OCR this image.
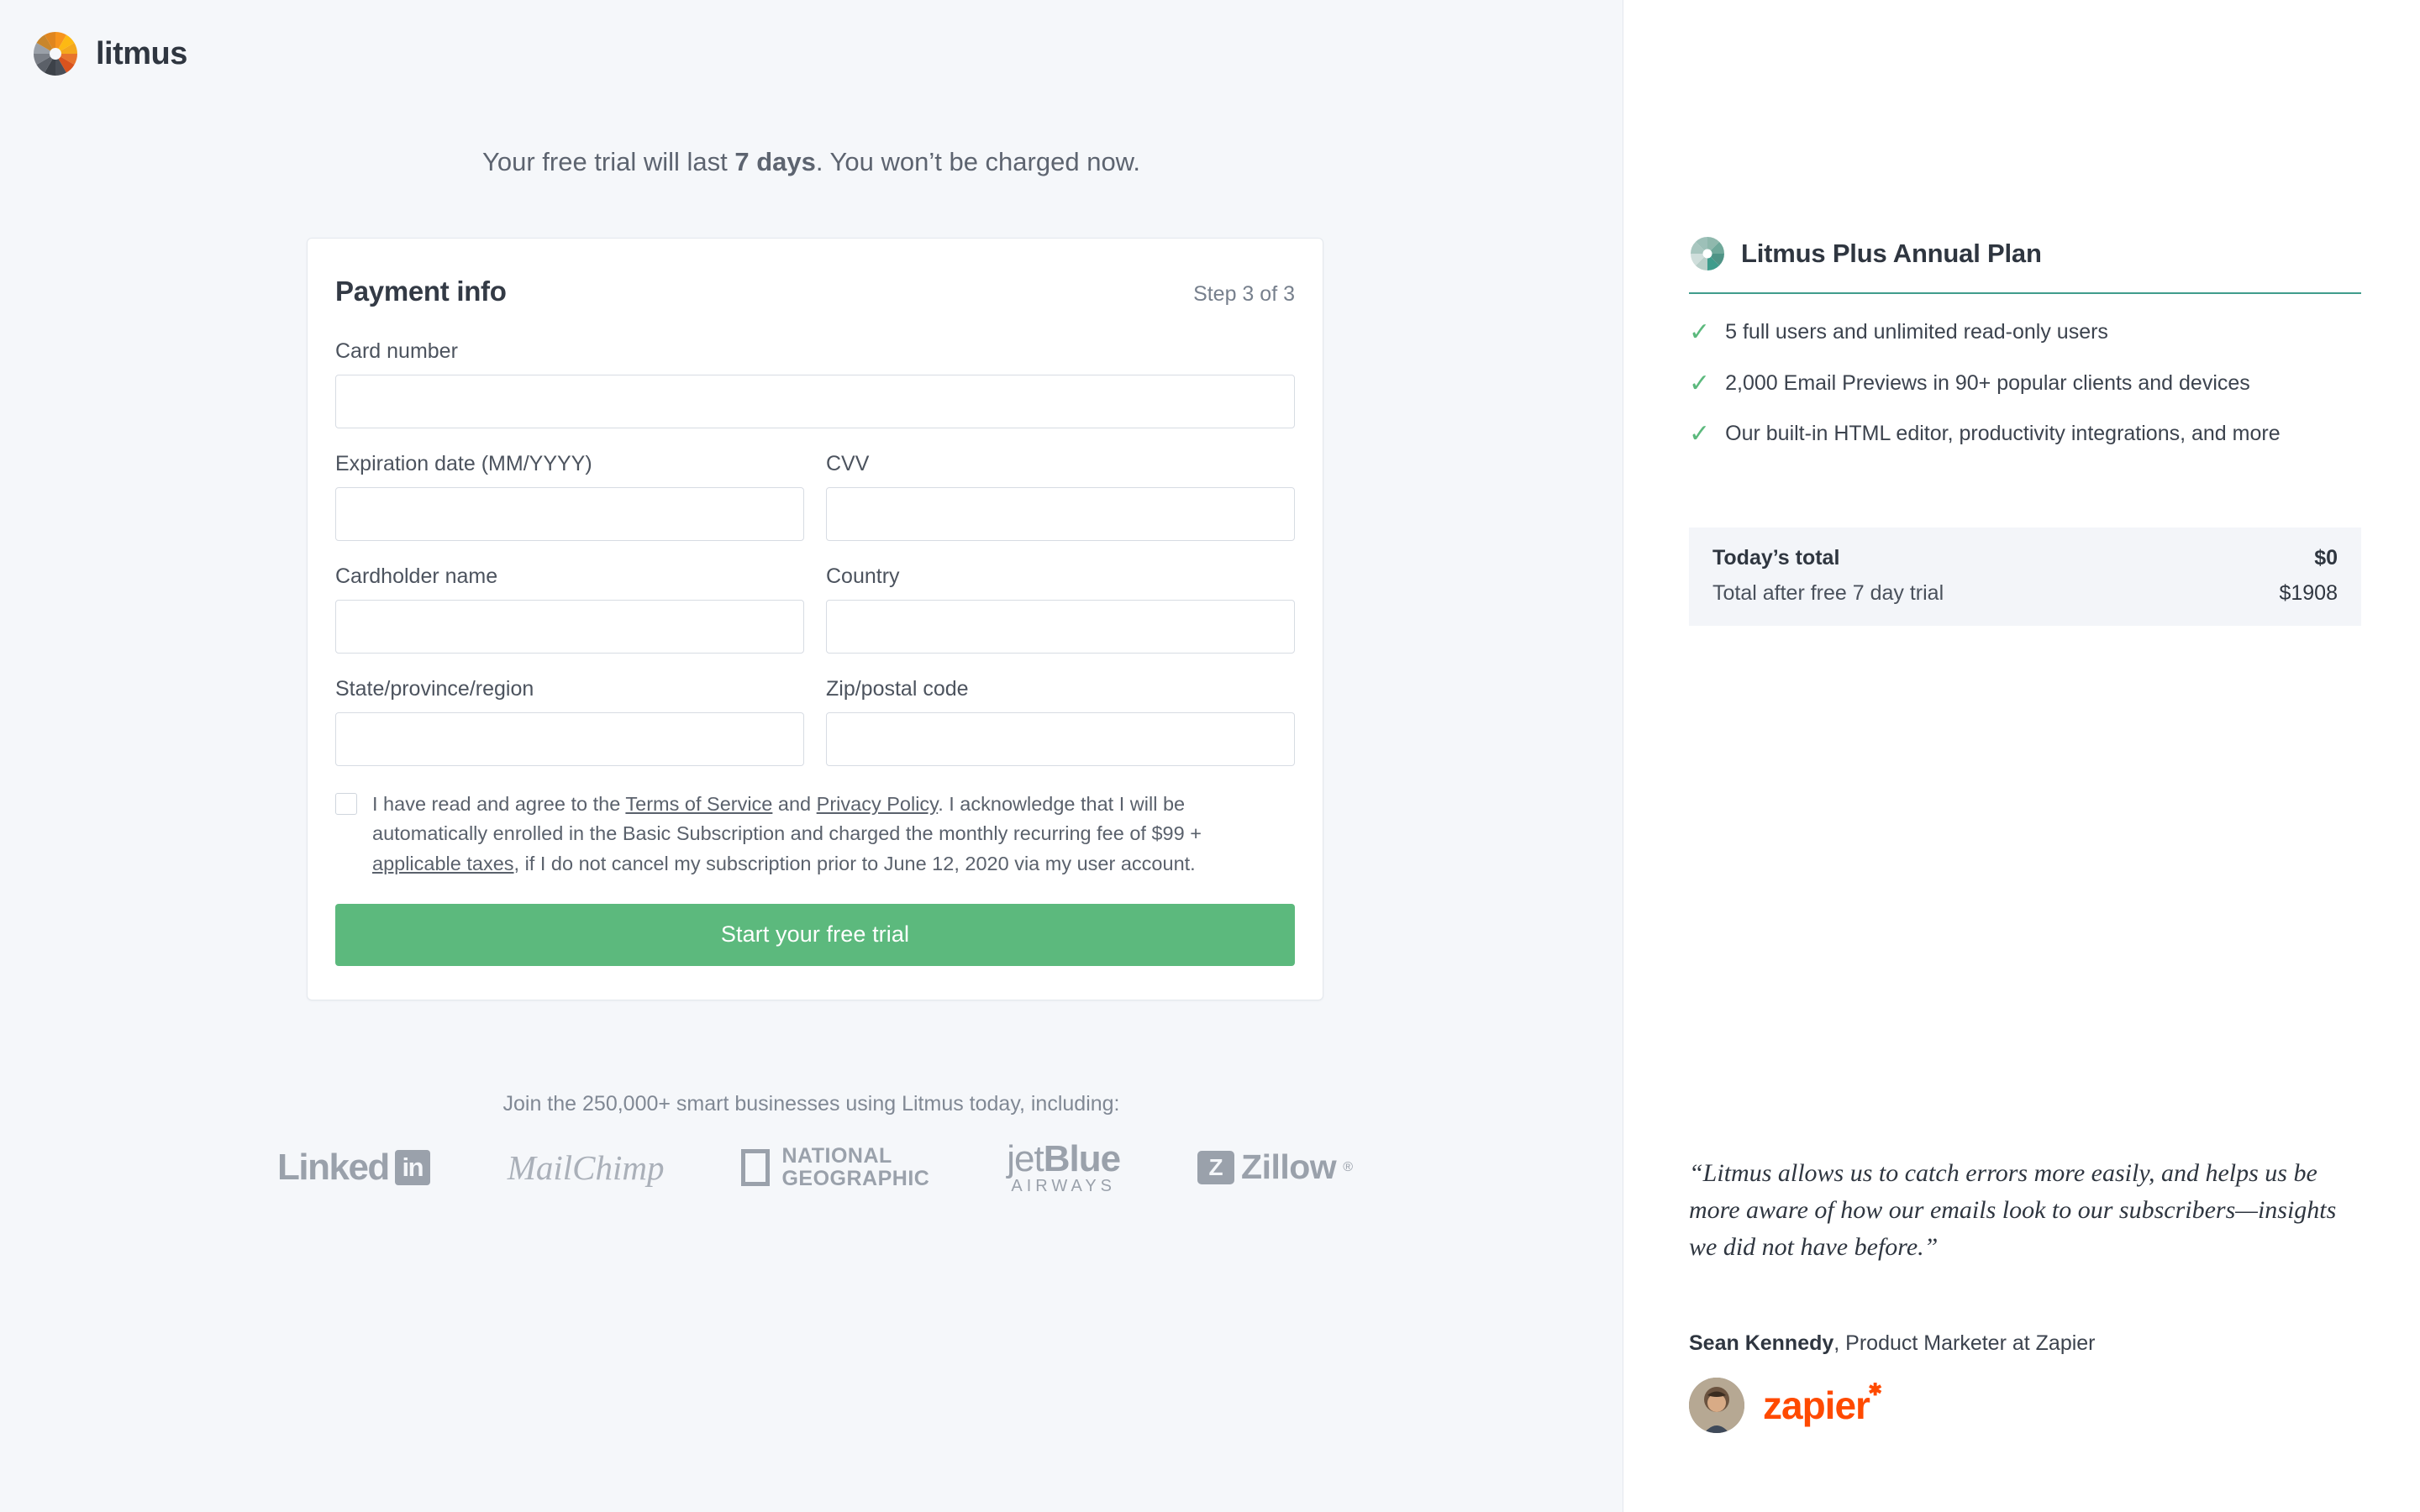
litmus
Your free trial will last 7 days. You won’t be charged now.
Payment info	Step 3 of 3
Card number
Expiration date (MM/YYYY)	CVV
Cardholder name	Country
State/province/region	Zip/postal code
I have read and agree to the Terms of Service and Privacy Policy. I acknowledge that I will be automatically enrolled in the Basic Subscription and charged the monthly recurring fee of $99 + applicable taxes, if I do not cancel my subscription prior to June 12, 2020 via my user account.
Start your free trial
Join the 250,000+ smart businesses using Litmus today, including:
Linked in MailChimp	NATIONAL
GEOGRAPHIC jetBlue
AIRWAYS
Z Zillow ®
Litmus Plus Annual Plan
✓ 5 full users and unlimited read-only users
✓ 2,000 Email Previews in 90+ popular clients and devices
✓ Our built-in HTML editor, productivity integrations, and more
Today’s total	$0
Total after free 7 day trial	$1908
“Litmus allows us to catch errors more easily, and helps us be more aware of how our emails look to our subscribers—insights we did not have before.”
Sean Kennedy, Product Marketer at Zapier
zapier
✱
